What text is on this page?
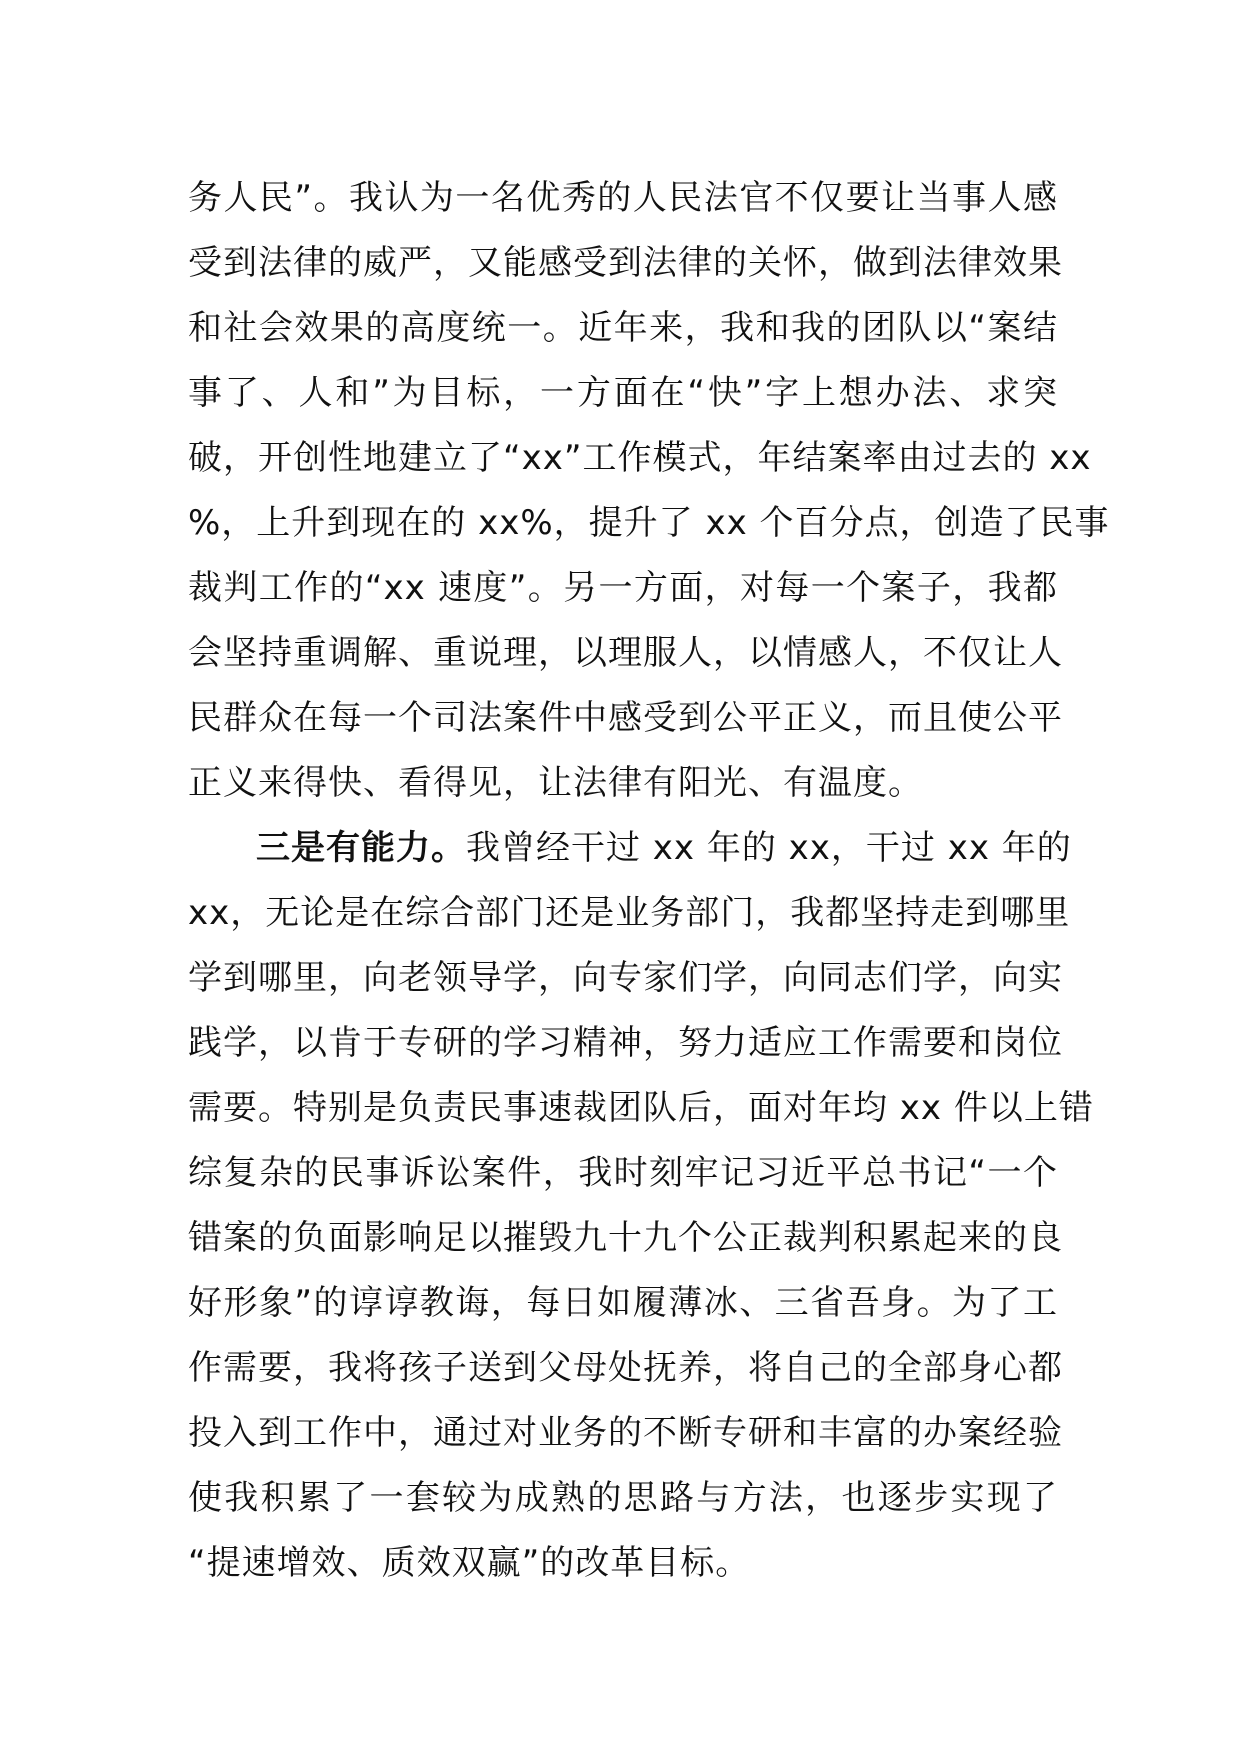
务人民”。我认为一名优秀的人民法官不仅要让当事人感
受到法律的威严，又能感受到法律的关怀，做到法律效果
和社会效果的高度统一。近年来，我和我的团队以“案结
事了、人和”为目标，一方面在“快”字上想办法、求突
破，开创性地建立了“xx”工作模式，年结案率由过去的 xx
%，上升到现在的 xx%，提升了 xx 个百分点，创造了民事
裁判工作的“xx 速度”。另一方面，对每一个案子，我都
会坚持重调解、重说理，以理服人，以情感人，不仅让人
民群众在每一个司法案件中感受到公平正义，而且使公平
正义来得快、看得见，让法律有阳光、有温度。
三是有能力。我曾经干过 xx 年的 xx，干过 xx 年的
xx，无论是在综合部门还是业务部门，我都坚持走到哪里
学到哪里，向老领导学，向专家们学，向同志们学，向实
践学，以肯于专研的学习精神，努力适应工作需要和岗位
需要。特别是负责民事速裁团队后，面对年均 xx 件以上错
综复杂的民事诉讼案件，我时刻牢记习近平总书记“一个
错案的负面影响足以摧毁九十九个公正裁判积累起来的良
好形象”的谆谆教诲，每日如履薄冰、三省吾身。为了工
作需要，我将孩子送到父母处抚养，将自己的全部身心都
投入到工作中，通过对业务的不断专研和丰富的办案经验
使我积累了一套较为成熟的思路与方法，也逐步实现了
“提速增效、质效双赢”的改革目标。
